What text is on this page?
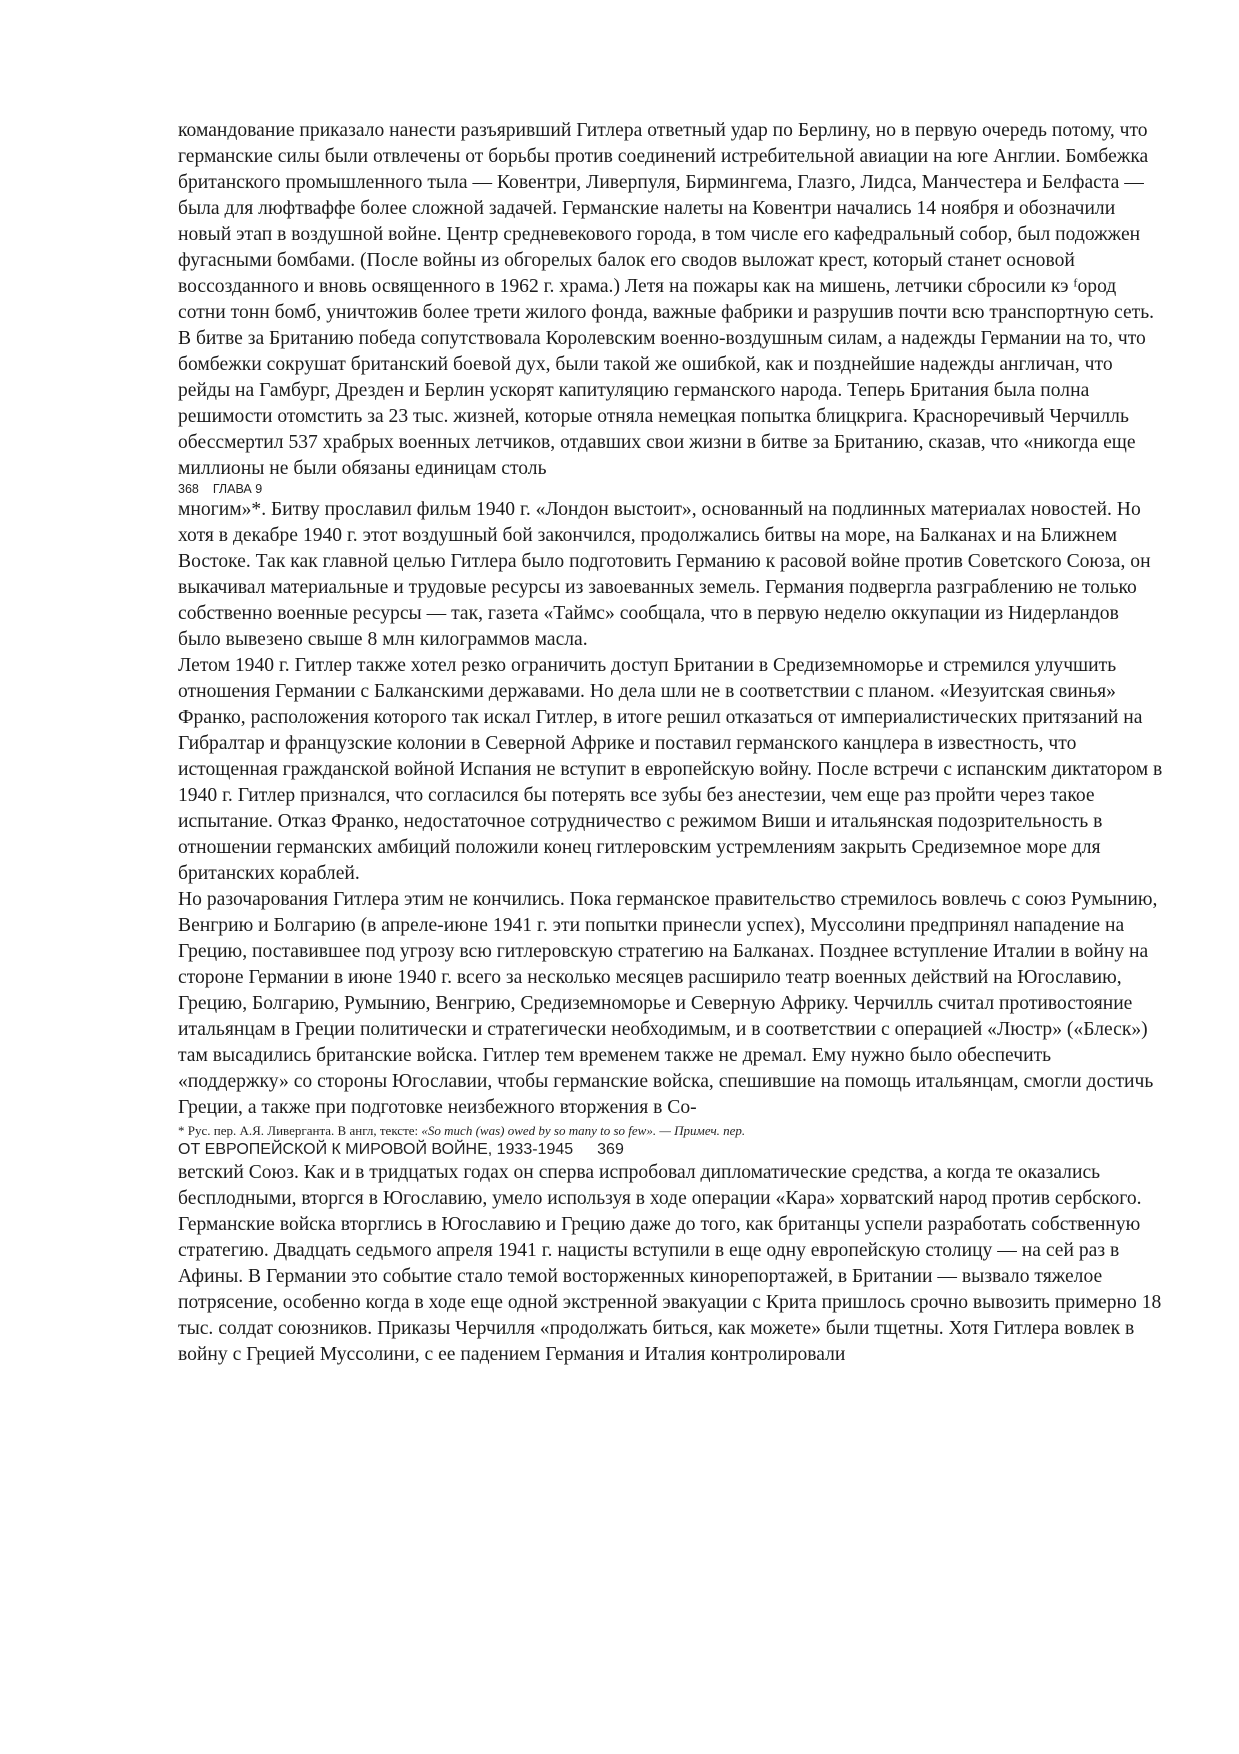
командование приказало нанести разъяривший Гитлера ответный удар по Берлину, но в первую очередь потому, что германские силы были отвлечены от борьбы против соединений истребительной авиации на юге Англии. Бомбежка британского промышленного тыла — Ковентри, Ливерпуля, Бирмингема, Глазго, Лидса, Манчестера и Белфаста — была для люфтваффе более сложной задачей. Германские налеты на Ковентри начались 14 ноября и обозначили новый этап в воздушной войне. Центр средневекового города, в том числе его кафедральный собор, был подожжен фугасными бомбами. (После войны из обгорелых балок его сводов выложат крест, который станет основой воссозданного и вновь освященного в 1962 г. храма.) Летя на пожары как на мишень, летчики сбросили кэ ᶠород сотни тонн бомб, уничтожив более трети жилого фонда, важные фабрики и разрушив почти всю транспортную сеть.

В битве за Британию победа сопутствовала Королевским военно-воздушным силам, а надежды Германии на то, что бомбежки сокрушат британский боевой дух, были такой же ошибкой, как и позднейшие надежды англичан, что рейды на Гамбург, Дрезден и Берлин ускорят капитуляцию германского народа. Теперь Британия была полна решимости отомстить за 23 тыс. жизней, которые отняла немецкая попытка блицкрига. Красноречивый Черчилль обессмертил 537 храбрых военных летчиков, отдавших свои жизни в битве за Британию, сказав, что «никогда еще миллионы не были обязаны единицам столь

368 ГЛАВА 9

многим»*. Битву прославил фильм 1940 г. «Лондон выстоит», основанный на подлинных материалах новостей. Но хотя в декабре 1940 г. этот воздушный бой закончился, продолжались битвы на море, на Балканах и на Ближнем Востоке. Так как главной целью Гитлера было подготовить Германию к расовой войне против Советского Союза, он выкачивал материальные и трудовые ресурсы из завоеванных земель. Германия подвергла разграблению не только собственно военные ресурсы — так, газета «Таймс» сообщала, что в первую неделю оккупации из Нидерландов было вывезено свыше 8 млн килограммов масла.

Летом 1940 г. Гитлер также хотел резко ограничить доступ Британии в Средиземноморье и стремился улучшить отношения Германии с Балканскими державами. Но дела шли не в соответствии с планом. «Иезуитская свинья» Франко, расположения которого так искал Гитлер, в итоге решил отказаться от империалистических притязаний на Гибралтар и французские колонии в Северной Африке и поставил германского канцлера в известность, что истощенная гражданской войной Испания не вступит в европейскую войну. После встречи с испанским диктатором в 1940 г. Гитлер признался, что согласился бы потерять все зубы без анестезии, чем еще раз пройти через такое испытание. Отказ Франко, недостаточное сотрудничество с режимом Виши и итальянская подозрительность в отношении германских амбиций положили конец гитлеровским устремлениям закрыть Средиземное море для британских кораблей.

Но разочарования Гитлера этим не кончились. Пока германское правительство стремилось вовлечь с союз Румынию, Венгрию и Болгарию (в апреле-июне 1941 г. эти попытки принесли успех), Муссолини предпринял нападение на Грецию, поставившее под угрозу всю гитлеровскую стратегию на Балканах. Позднее вступление Италии в войну на стороне Германии в июне 1940 г. всего за несколько месяцев расширило театр военных действий на Югославию, Грецию, Болгарию, Румынию, Венгрию, Средиземноморье и Северную Африку. Черчилль считал противостояние итальянцам в Греции политически и стратегически необходимым, и в соответствии с операцией «Люстр» («Блеск») там высадились британские войска. Гитлер тем временем также не дремал. Ему нужно было обеспечить «поддержку» со стороны Югославии, чтобы германские войска, спешившие на помощь итальянцам, смогли достичь Греции, а также при подготовке неизбежного вторжения в Со-

* Рус. пер. А.Я. Ливерганта. В англ, тексте: «So much (was) owed by so many to so few». — Примеч. пер.

ОТ ЕВРОПЕЙСКОЙ К МИРОВОЙ ВОЙНЕ, 1933-1945 369

ветский Союз. Как и в тридцатых годах он сперва испробовал дипломатические средства, а когда те оказались бесплодными, вторгся в Югославию, умело используя в ходе операции «Кара» хорватский народ против сербского.

Германские войска вторглись в Югославию и Грецию даже до того, как британцы успели разработать собственную стратегию. Двадцать седьмого апреля 1941 г. нацисты вступили в еще одну европейскую столицу — на сей раз в Афины. В Германии это событие стало темой восторженных кинорепортажей, в Британии — вызвало тяжелое потрясение, особенно когда в ходе еще одной экстренной эвакуации с Крита пришлось срочно вывозить примерно 18 тыс. солдат союзников. Приказы Черчилля «продолжать биться, как можете» были тщетны. Хотя Гитлера вовлек в войну с Грецией Муссолини, с ее падением Германия и Италия контролировали
